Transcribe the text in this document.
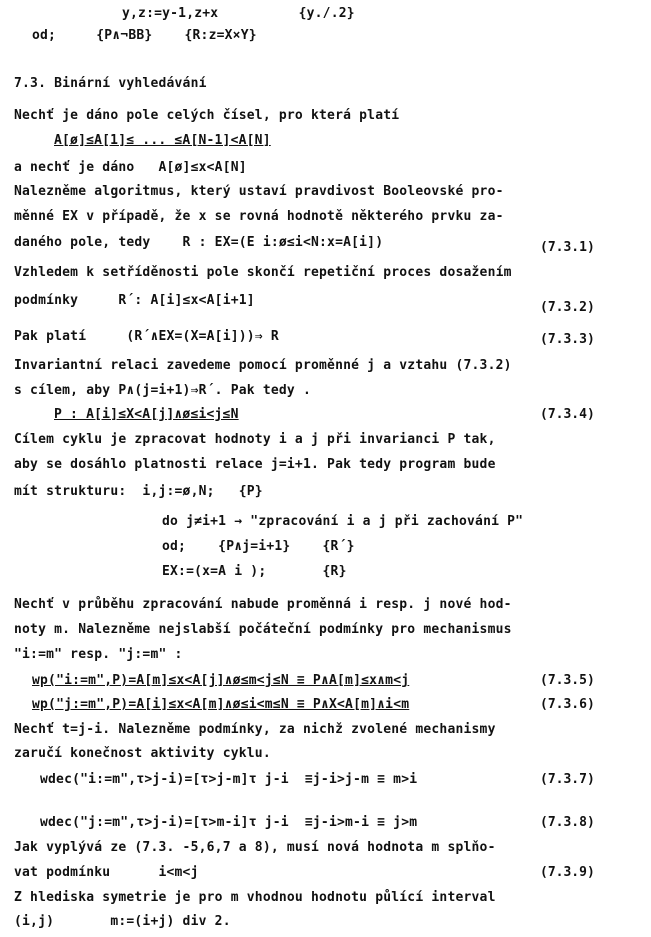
y,z:=y-1,z+x          {y./.2}
od;     {P∧¬BB}    {R:z=X×Y}
7.3. Binární vyhledávání
Nechť je dáno pole celých čísel, pro která platí
A[ø]≤A[1]≤ ... ≤A[N-1]<A[N]
a nechť je dáno   A[ø]≤x<A[N]
Nalezněme algoritmus, který ustaví pravdivost Booleovské pro-
měnné EX v případě, že x se rovná hodnotě některého prvku za-
daného pole, tedy    R : EX=(E i:ø≤i<N:x=A[i])	(7.3.1)
Vzhledem k setříděnosti pole skončí repetiční proces dosažením
podmínky     R´: A[i]≤x<A[i+1]	(7.3.2)
Pak platí     (R´∧EX=(X=A[i]))⇒ R	(7.3.3)
Invariantní relaci zavedeme pomocí proměnné j a vztahu (7.3.2)
s cílem, aby P∧(j=i+1)⇒R´. Pak tedy .
P : A[i]≤X<A[j]∧ø≤i<j≤N	(7.3.4)
Cílem cyklu je zpracovat hodnoty i a j při invarianci P tak,
aby se dosáhlo platnosti relace j=i+1. Pak tedy program bude
mít strukturu:  i,j:=ø,N;   {P}
do j≠i+1 → "zpracování i a j při zachování P"
od;    {P∧j=i+1}    {R´}
EX:=(x=A i );       {R}
Nechť v průběhu zpracování nabude proměnná i resp. j nové hod-
noty m. Nalezněme nejslabší počáteční podmínky pro mechanismus
"i:=m" resp. "j:=m" :
wp("i:=m",P)=A[m]≤x<A[j]∧ø≤m<j≤N ≡ P∧A[m]≤x∧m<j	(7.3.5)
wp("j:=m",P)=A[i]≤x<A[m]∧ø≤i<m≤N ≡ P∧X<A[m]∧i<m	(7.3.6)
Nechť t=j-i. Nalezněme podmínky, za nichž zvolené mechanismy
zaručí konečnost aktivity cyklu.
wdec("i:=m",τ>j-i)=[τ>j-m]τ j-i  ≡j-i>j-m ≡ m>i	(7.3.7)
wdec("j:=m",τ>j-i)=[τ>m-i]τ j-i  ≡j-i>m-i ≡ j>m	(7.3.8)
Jak vyplývá ze (7.3. -5,6,7 a 8), musí nová hodnota m splňo-
vat podmínku      i<m<j	(7.3.9)
Z hlediska symetrie je pro m vhodnou hodnotu půlící interval
(i,j)       m:=(i+j) div 2.
